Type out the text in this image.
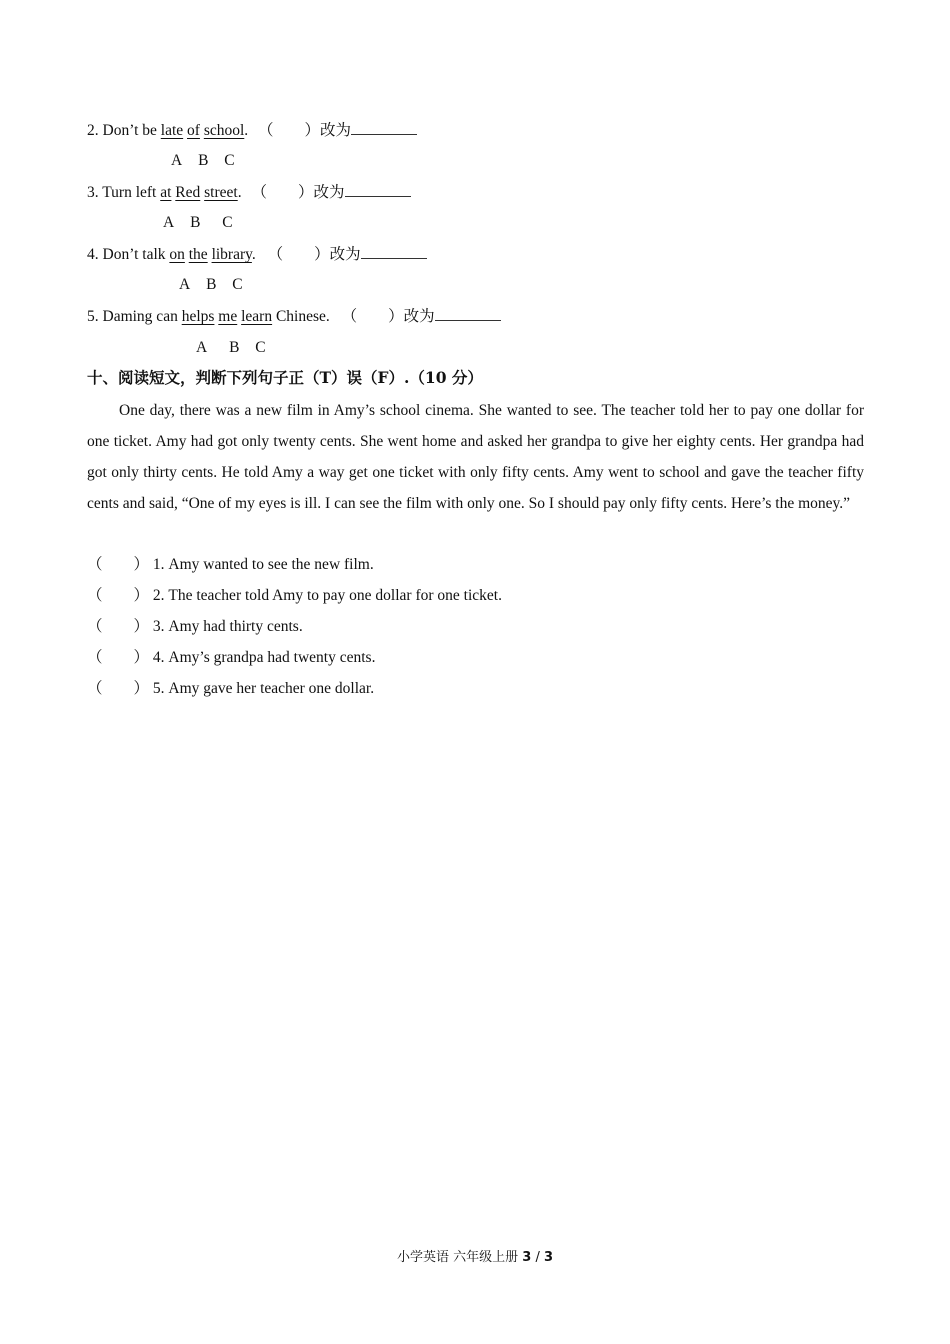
2. Don’t be late of school. （　　）改为
A B C
3. Turn left at Red street. （　　）改为
A B C
4. Don’t talk on the library. （　　）改为
A B C
5. Daming can helps me learn Chinese. （　　）改为
A B C
十、阅读短文，判断下列句子正（T）误（F）.（10 分）
One day, there was a new film in Amy’s school cinema. She wanted to see. The teacher told her to pay one dollar for one ticket. Amy had got only twenty cents. She went home and asked her grandpa to give her eighty cents. Her grandpa had got only thirty cents. He told Amy a way get one ticket with only fifty cents. Amy went to school and gave the teacher fifty cents and said, “One of my eyes is ill. I can see the film with only one. So I should pay only fifty cents. Here’s the money.”
（　　） 1. Amy wanted to see the new film.
（　　） 2. The teacher told Amy to pay one dollar for one ticket.
（　　） 3. Amy had thirty cents.
（　　） 4. Amy’s grandpa had twenty cents.
（　　） 5. Amy gave her teacher one dollar.
小学英语 六年级上册 3 / 3
